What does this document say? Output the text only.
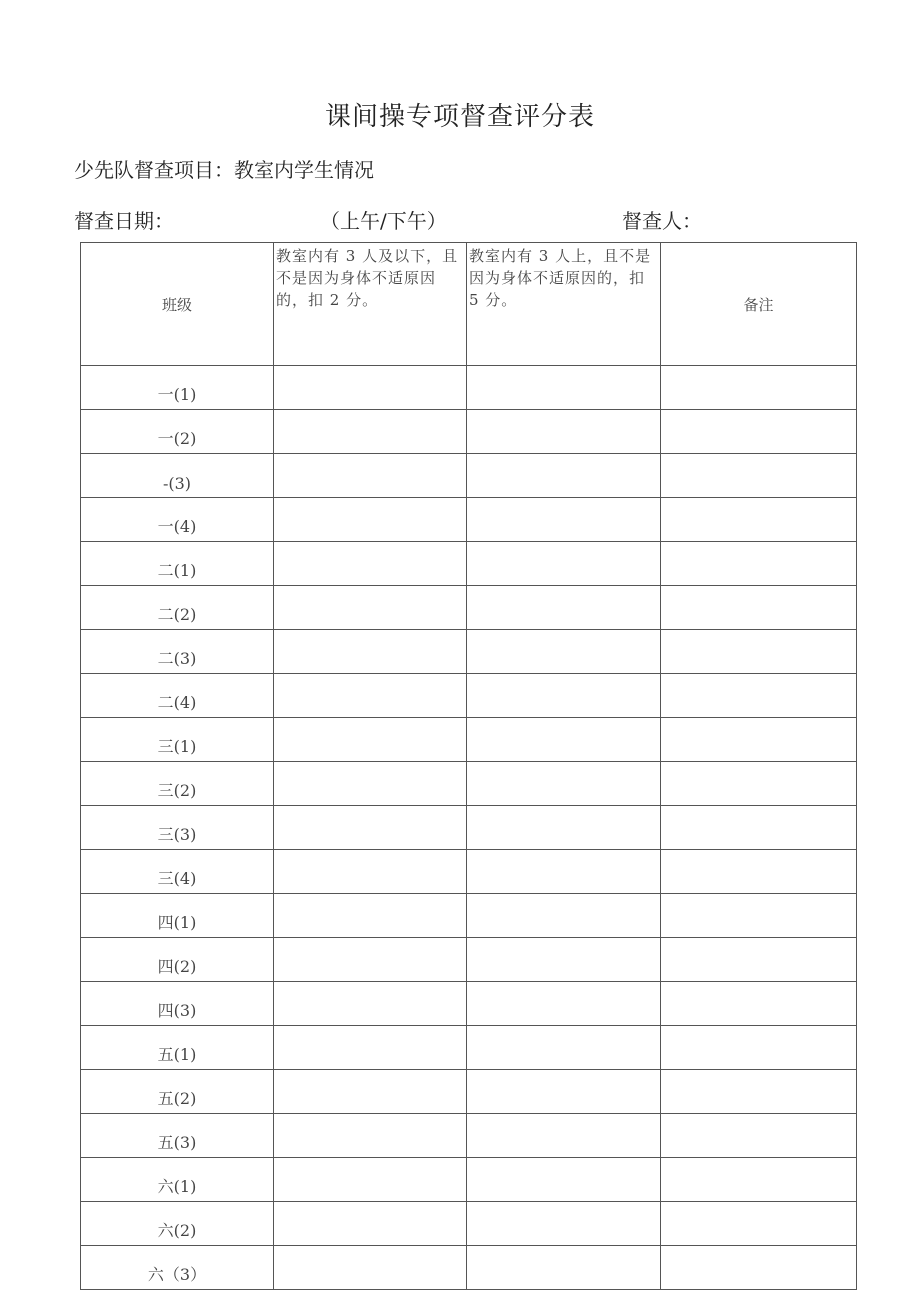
课间操专项督查评分表
少先队督查项目：教室内学生情况
督查日期：	（上午/下午）	督查人：
班级	教室内有 3 人及以下，且不是因为身体不适原因的，扣 2 分。	教室内有 3 人上，且不是因为身体不适原因的，扣 5 分。	备注
一(1)			
一(2)			
-(3)			
一(4)			
二(1)			
二(2)			
二(3)			
二(4)			
三(1)			
三(2)			
三(3)			
三(4)			
四(1)			
四(2)			
四(3)			
五(1)			
五(2)			
五(3)			
六(1)			
六(2)			
六（3）			
